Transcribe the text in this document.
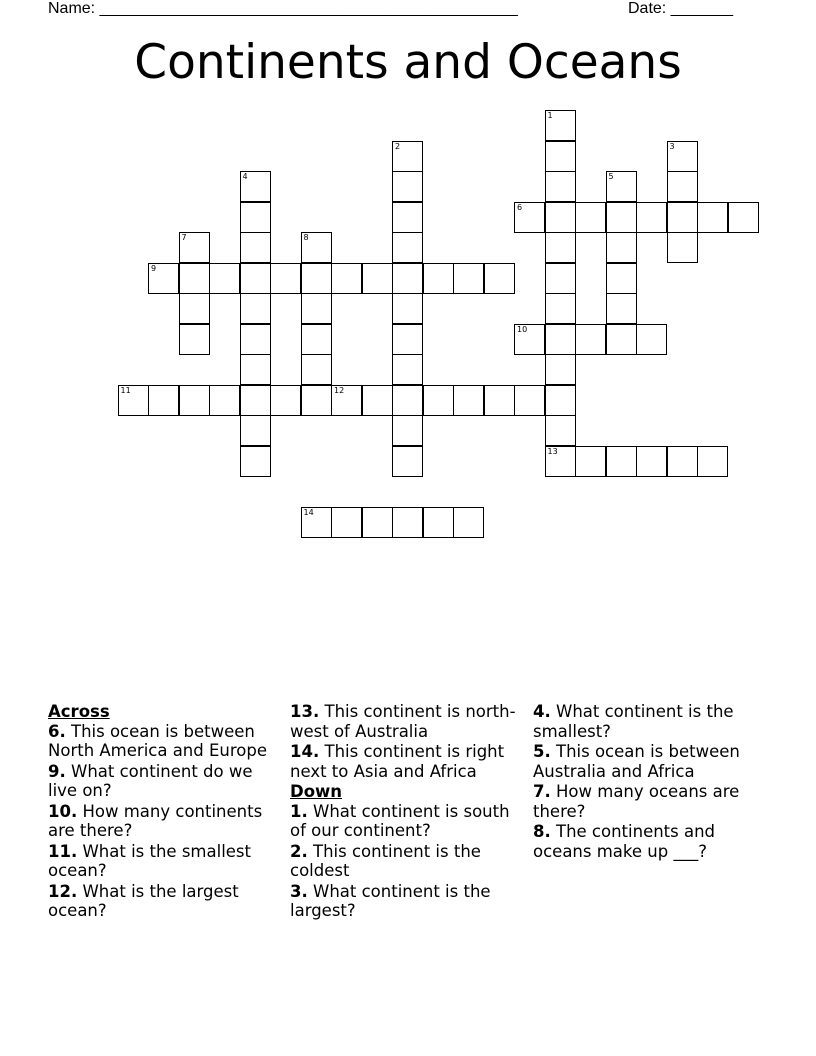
Name: _______________________________________________	Date: _______
Continents and Oceans
1
13
2	3
4	5
6
7	8
9
10
11	12
14
Across
6. This ocean is between North America and Europe
9. What continent do we live on?
10. How many continents are there?
11. What is the smallest ocean?
12. What is the largest ocean?
13. This continent is north-west of Australia
14. This continent is right next to Asia and Africa
Down
1. What continent is south of our continent?
2. This continent is the coldest
3. What continent is the largest?
4. What continent is the smallest?
5. This ocean is between Australia and Africa
7. How many oceans are there?
8. The continents and oceans make up ___?
